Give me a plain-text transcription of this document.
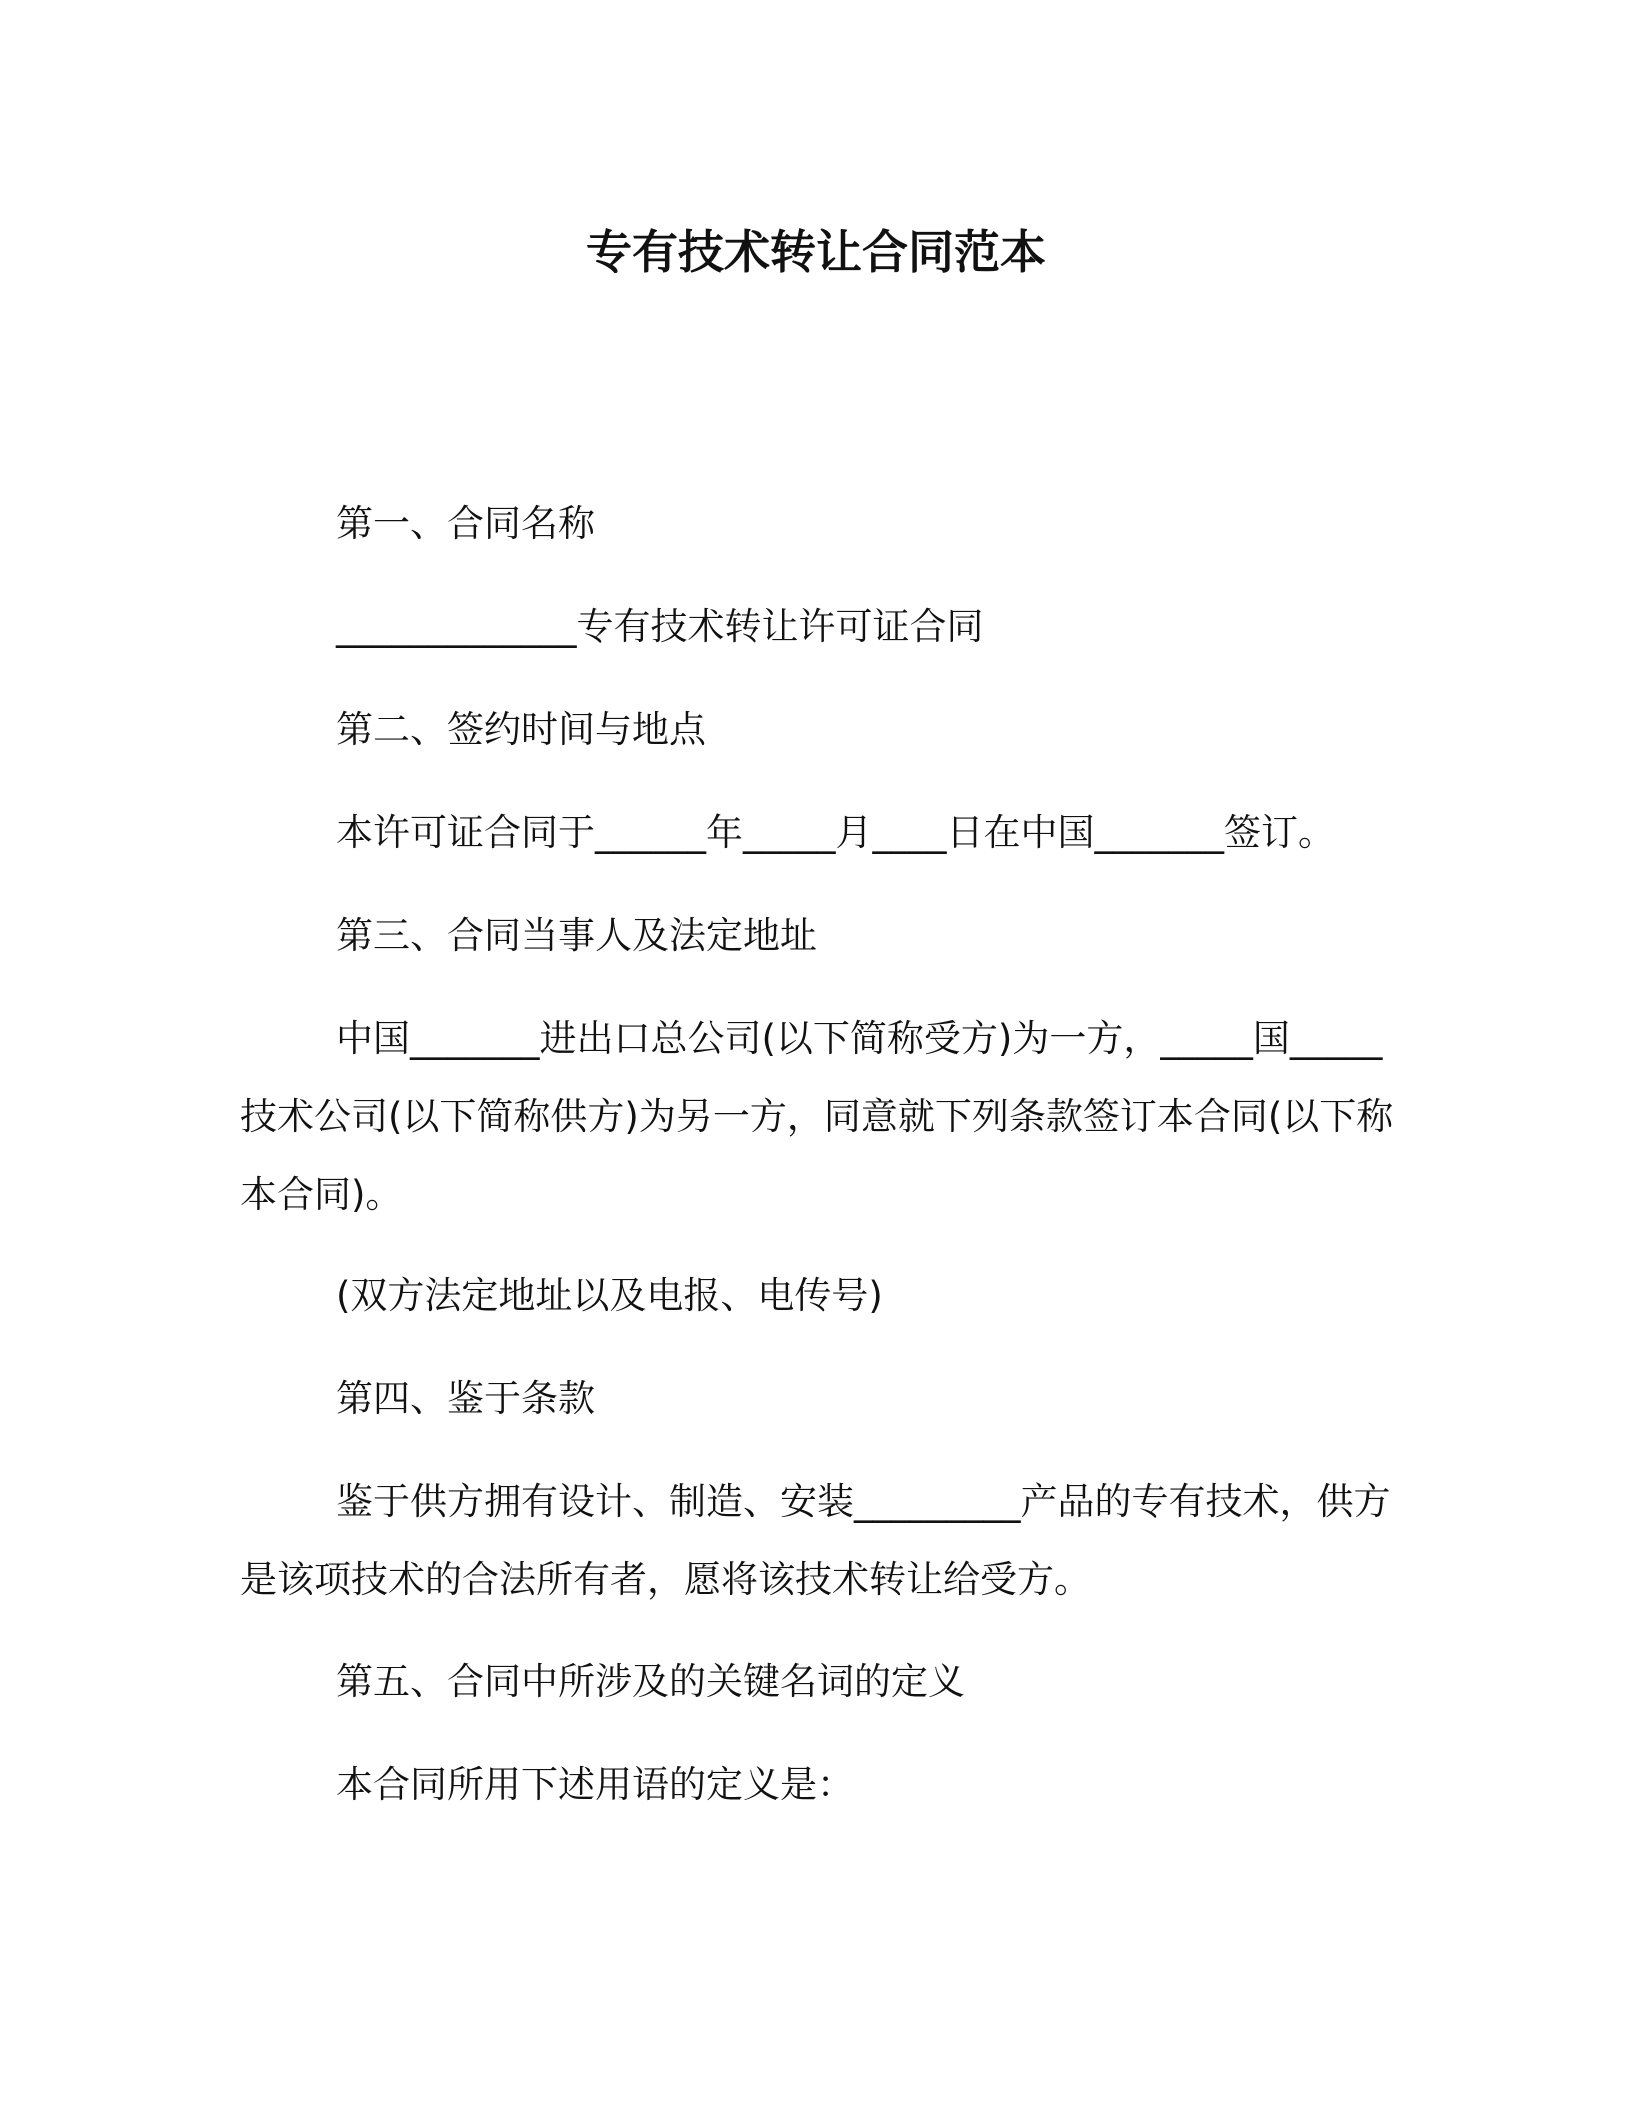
专有技术转让合同范本
第一、合同名称
_____________专有技术转让许可证合同
第二、签约时间与地点
本许可证合同于______年_____月____日在中国_______签订。
第三、合同当事人及法定地址
中国_______进出口总公司(以下简称受方)为一方，_____国_____技术公司(以下简称供方)为另一方，同意就下列条款签订本合同(以下称本合同)。
(双方法定地址以及电报、电传号)
第四、鉴于条款
鉴于供方拥有设计、制造、安装_________产品的专有技术，供方是该项技术的合法所有者，愿将该技术转让给受方。
第五、合同中所涉及的关键名词的定义
本合同所用下述用语的定义是：
